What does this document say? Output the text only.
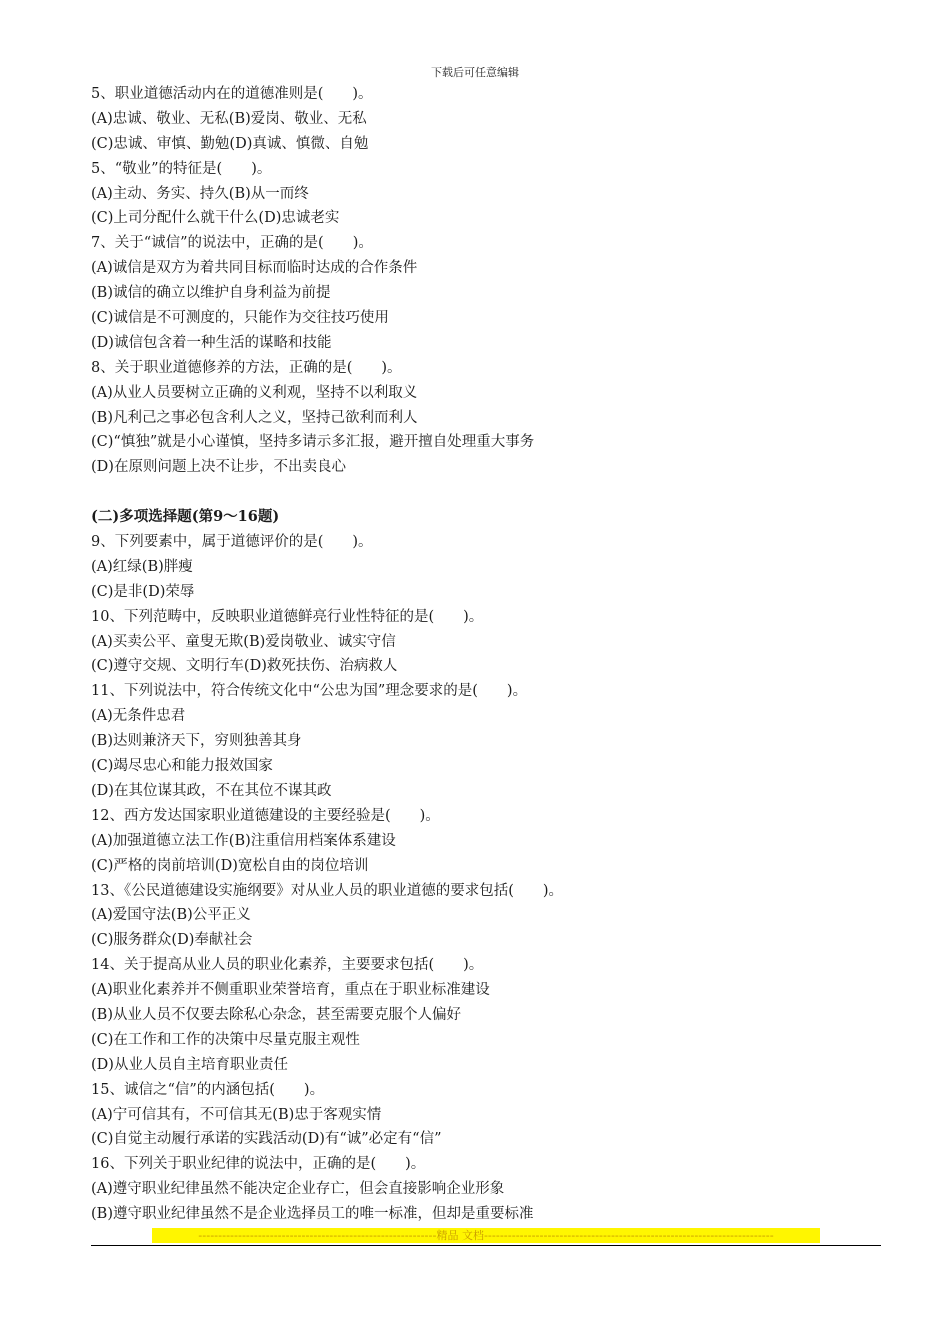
下载后可任意编辑
5、职业道德活动内在的道德准则是(　　)。
(A)忠诚、敬业、无私(B)爱岗、敬业、无私
(C)忠诚、审慎、勤勉(D)真诚、慎微、自勉
5、“敬业”的特征是(　　)。
(A)主动、务实、持久(B)从一而终
(C)上司分配什么就干什么(D)忠诚老实
7、关于“诚信”的说法中，正确的是(　　)。
(A)诚信是双方为着共同目标而临时达成的合作条件
(B)诚信的确立以维护自身利益为前提
(C)诚信是不可测度的，只能作为交往技巧使用
(D)诚信包含着一种生活的谋略和技能
8、关于职业道德修养的方法，正确的是(　　)。
(A)从业人员要树立正确的义利观，坚持不以利取义
(B)凡利己之事必包含利人之义，坚持己欲利而利人
(C)“慎独”就是小心谨慎，坚持多请示多汇报，避开擅自处理重大事务
(D)在原则问题上决不让步，不出卖良心
(二)多项选择题(第9～16题)
9、下列要素中，属于道德评价的是(　　)。
(A)红绿(B)胖瘦
(C)是非(D)荣辱
10、下列范畴中，反映职业道德鲜亮行业性特征的是(　　)。
(A)买卖公平、童叟无欺(B)爱岗敬业、诚实守信
(C)遵守交规、文明行车(D)救死扶伤、治病救人
11、下列说法中，符合传统文化中“公忠为国”理念要求的是(　　)。
(A)无条件忠君
(B)达则兼济天下，穷则独善其身
(C)竭尽忠心和能力报效国家
(D)在其位谋其政，不在其位不谋其政
12、西方发达国家职业道德建设的主要经验是(　　)。
(A)加强道德立法工作(B)注重信用档案体系建设
(C)严格的岗前培训(D)宽松自由的岗位培训
13、《公民道德建设实施纲要》对从业人员的职业道德的要求包括(　　)。
(A)爱国守法(B)公平正义
(C)服务群众(D)奉献社会
14、关于提高从业人员的职业化素养，主要要求包括(　　)。
(A)职业化素养并不侧重职业荣誉培育，重点在于职业标准建设
(B)从业人员不仅要去除私心杂念，甚至需要克服个人偏好
(C)在工作和工作的决策中尽量克服主观性
(D)从业人员自主培育职业责任
15、诚信之“信”的内涵包括(　　)。
(A)宁可信其有，不可信其无(B)忠于客观实情
(C)自觉主动履行承诺的实践活动(D)有“诚”必定有“信”
16、下列关于职业纪律的说法中，正确的是(　　)。
(A)遵守职业纪律虽然不能决定企业存亡，但会直接影响企业形象
(B)遵守职业纪律虽然不是企业选择员工的唯一标准，但却是重要标准
------------------------------------------------------------精品 文档-------------------------------------------------------------------------
